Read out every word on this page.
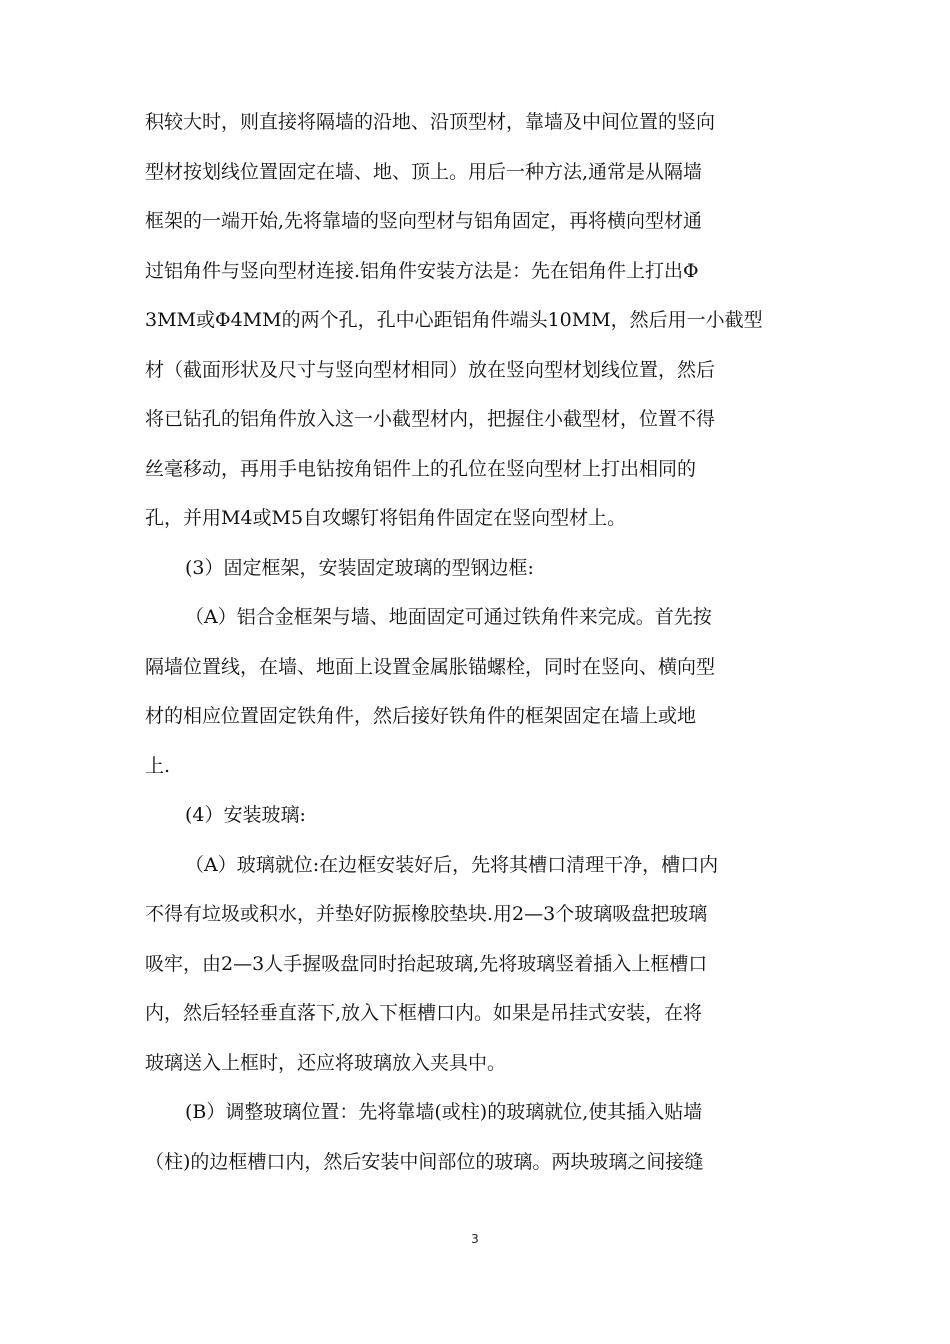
积较大时，则直接将隔墙的沿地、沿顶型材，靠墙及中间位置的竖向
型材按划线位置固定在墙、地、顶上。用后一种方法,通常是从隔墙
框架的一端开始,先将靠墙的竖向型材与铝角固定，再将横向型材通
过铝角件与竖向型材连接.铝角件安装方法是：先在铝角件上打出Φ
3MM或Φ4MM的两个孔，孔中心距铝角件端头10MM，然后用一小截型
材（截面形状及尺寸与竖向型材相同）放在竖向型材划线位置，然后
将已钻孔的铝角件放入这一小截型材内，把握住小截型材，位置不得
丝毫移动，再用手电钻按角铝件上的孔位在竖向型材上打出相同的
孔，并用M4或M5自攻螺钉将铝角件固定在竖向型材上。
(3）固定框架，安装固定玻璃的型钢边框:
（A）铝合金框架与墙、地面固定可通过铁角件来完成。首先按
隔墙位置线，在墙、地面上设置金属胀锚螺栓，同时在竖向、横向型
材的相应位置固定铁角件，然后接好铁角件的框架固定在墙上或地
上.
(4）安装玻璃:
（A）玻璃就位:在边框安装好后，先将其槽口清理干净，槽口内
不得有垃圾或积水，并垫好防振橡胶垫块.用2—3个玻璃吸盘把玻璃
吸牢，由2—3人手握吸盘同时抬起玻璃,先将玻璃竖着插入上框槽口
内，然后轻轻垂直落下,放入下框槽口内。如果是吊挂式安装，在将
玻璃送入上框时，还应将玻璃放入夹具中。
(B）调整玻璃位置：先将靠墙(或柱)的玻璃就位,使其插入贴墙
（柱)的边框槽口内，然后安装中间部位的玻璃。两块玻璃之间接缝
3
